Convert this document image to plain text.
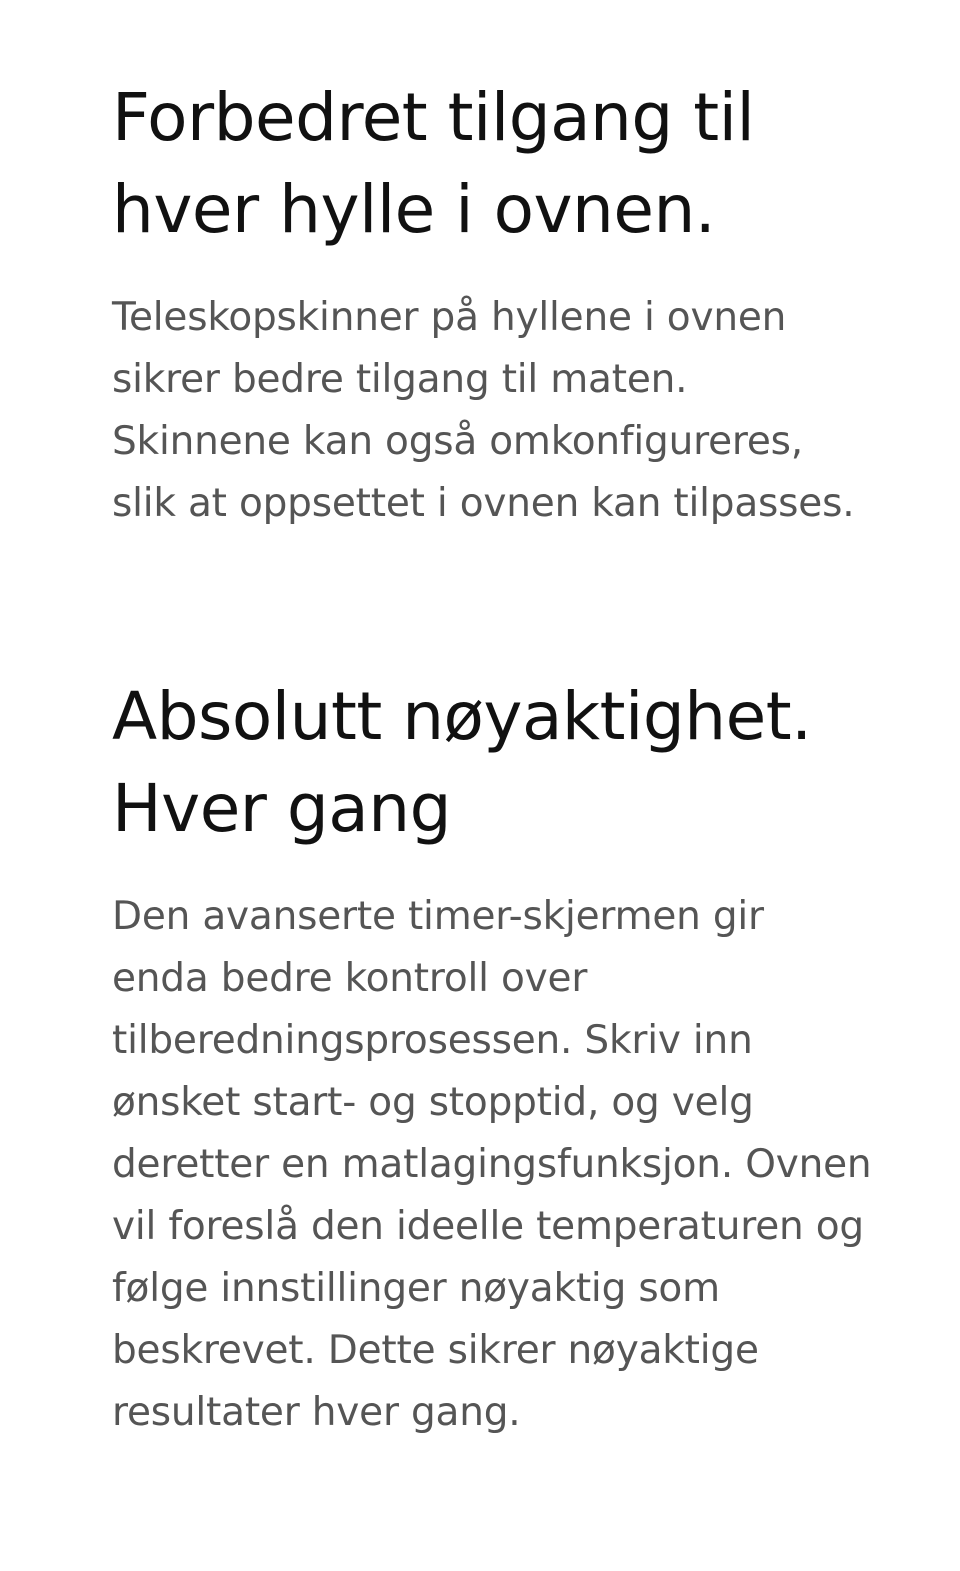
Forbedret tilgang til hver hylle i ovnen.

Teleskopskinner på hyllene i ovnen sikrer bedre tilgang til maten. Skinnene kan også omkonfigureres, slik at oppsettet i ovnen kan tilpasses.

Absolutt nøyaktighet. Hver gang

Den avanserte timer-skjermen gir enda bedre kontroll over tilberedningsprosessen. Skriv inn ønsket start- og stopptid, og velg deretter en matlagingsfunksjon. Ovnen vil foreslå den ideelle temperaturen og følge innstillinger nøyaktig som beskrevet. Dette sikrer nøyaktige resultater hver gang.
